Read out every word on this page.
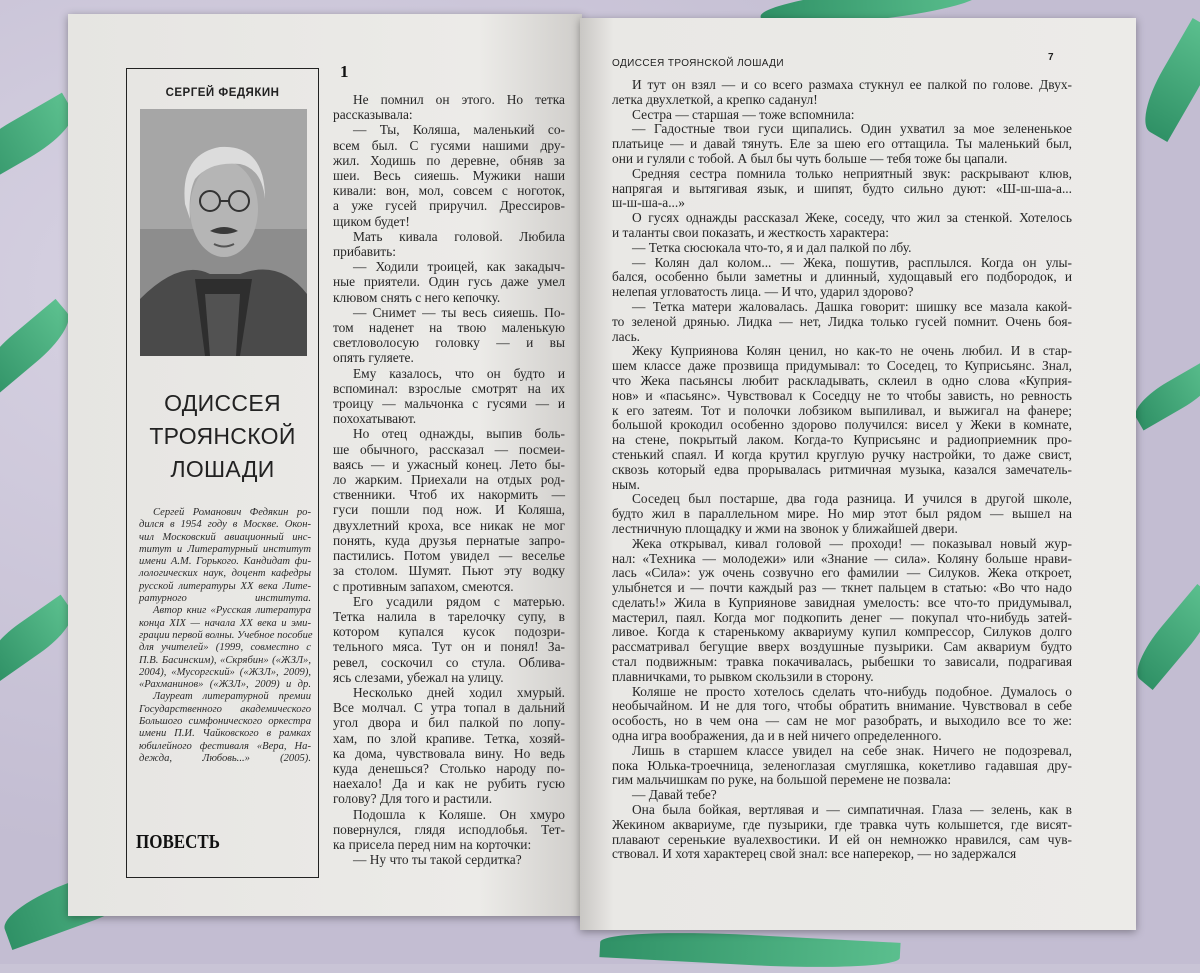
СЕРГЕЙ ФЕДЯКИН
ОДИССЕЯ
ТРОЯНСКОЙ
ЛОШАДИ
Сергей Романович Федякин ро-
дился в 1954 году в Москве. Окон-
чил Московский авиационный инс-
титут и Литературный институт
имени А.М. Горького. Кандидат фи-
лологических наук, доцент кафедры
русской литературы XX века Лите-
ратурного института.
Автор книг «Русская литература
конца XIX — начала XX века и эми-
грации первой волны. Учебное пособие
для учителей» (1999, совместно с
П.В. Басинским), «Скрябин» («ЖЗЛ»,
2004), «Мусоргский» («ЖЗЛ», 2009),
«Рахманинов» («ЖЗЛ», 2009) и др.
Лауреат литературной премии
Государственного академического
Большого симфонического оркестра
имени П.И. Чайковского в рамках
юбилейного фестиваля «Вера, На-
дежда, Любовь...» (2005).
ПОВЕСТЬ
1
Не помнил он этого. Но тетка
рассказывала:
— Ты, Коляша, маленький со-
всем был. С гусями нашими дру-
жил. Ходишь по деревне, обняв за
шеи. Весь сияешь. Мужики наши
кивали: вон, мол, совсем с ноготок,
а уже гусей приручил. Дрессиров-
щиком будет!
Мать кивала головой. Любила
прибавить:
— Ходили троицей, как закадыч-
ные приятели. Один гусь даже умел
клювом снять с него кепочку.
— Снимет — ты весь сияешь. По-
том наденет на твою маленькую
светловолосую головку — и вы
опять гуляете.
Ему казалось, что он будто и
вспоминал: взрослые смотрят на их
троицу — мальчонка с гусями — и
похохатывают.
Но отец однажды, выпив боль-
ше обычного, рассказал — посмеи-
ваясь — и ужасный конец. Лето бы-
ло жарким. Приехали на отдых род-
ственники. Чтоб их накормить —
гуси пошли под нож. И Коляша,
двухлетний кроха, все никак не мог
понять, куда друзья пернатые запро-
пастились. Потом увидел — веселье
за столом. Шумят. Пьют эту водку
с противным запахом, смеются.
Его усадили рядом с матерью.
Тетка налила в тарелочку супу, в
котором купался кусок подозри-
тельного мяса. Тут он и понял! За-
ревел, соскочил со стула. Облива-
ясь слезами, убежал на улицу.
Несколько дней ходил хмурый.
Все молчал. С утра топал в дальний
угол двора и бил палкой по лопу-
хам, по злой крапиве. Тетка, хозяй-
ка дома, чувствовала вину. Но ведь
куда денешься? Столько народу по-
наехало! Да и как не рубить гусю
голову? Для того и растили.
Подошла к Коляше. Он хмуро
повернулся, глядя исподлобья. Тет-
ка присела перед ним на корточки:
— Ну что ты такой сердитка?
ОДИССЕЯ ТРОЯНСКОЙ ЛОШАДИ
7
И тут он взял — и со всего размаха стукнул ее палкой по голове. Двух-
летка двухлеткой, а крепко саданул!
Сестра — старшая — тоже вспомнила:
— Гадостные твои гуси щипались. Один ухватил за мое зелененькое
платьице — и давай тянуть. Еле за шею его оттащила. Ты маленький был,
они и гуляли с тобой. А был бы чуть больше — тебя тоже бы цапали.
Средняя сестра помнила только неприятный звук: раскрывают клюв,
напрягая и вытягивая язык, и шипят, будто сильно дуют: «Ш-ш-ша-а...
ш-ш-ша-а...»
О гусях однажды рассказал Жеке, соседу, что жил за стенкой. Хотелось
и таланты свои показать, и жесткость характера:
— Тетка сюсюкала что-то, я и дал палкой по лбу.
— Колян дал колом... — Жека, пошутив, расплылся. Когда он улы-
бался, особенно были заметны и длинный, худощавый его подбородок, и
нелепая угловатость лица. — И что, ударил здорово?
— Тетка матери жаловалась. Дашка говорит: шишку все мазала какой-
то зеленой дрянью. Лидка — нет, Лидка только гусей помнит. Очень боя-
лась.
Жеку Куприянова Колян ценил, но как-то не очень любил. И в стар-
шем классе даже прозвища придумывал: то Соседец, то Куприсьянс. Знал,
что Жека пасьянсы любит раскладывать, склеил в одно слова «Куприя-
нов» и «пасьянс». Чувствовал к Соседцу не то чтобы зависть, но ревность
к его затеям. Тот и полочки лобзиком выпиливал, и выжигал на фанере;
большой крокодил особенно здорово получился: висел у Жеки в комнате,
на стене, покрытый лаком. Когда-то Куприсьянс и радиоприемник про-
стенький спаял. И когда крутил круглую ручку настройки, то даже свист,
сквозь который едва прорывалась ритмичная музыка, казался замечатель-
ным.
Соседец был постарше, два года разница. И учился в другой школе,
будто жил в параллельном мире. Но мир этот был рядом — вышел на
лестничную площадку и жми на звонок у ближайшей двери.
Жека открывал, кивал головой — проходи! — показывал новый жур-
нал: «Техника — молодежи» или «Знание — сила». Коляну больше нрави-
лась «Сила»: уж очень созвучно его фамилии — Силуков. Жека откроет,
улыбнется и — почти каждый раз — ткнет пальцем в статью: «Во что надо
сделать!» Жила в Куприянове завидная умелость: все что-то придумывал,
мастерил, паял. Когда мог подкопить денег — покупал что-нибудь затей-
ливое. Когда к старенькому аквариуму купил компрессор, Силуков долго
рассматривал бегущие вверх воздушные пузырики. Сам аквариум будто
стал подвижным: травка покачивалась, рыбешки то зависали, подрагивая
плавничками, то рывком скользили в сторону.
Коляше не просто хотелось сделать что-нибудь подобное. Думалось о
необычайном. И не для того, чтобы обратить внимание. Чувствовал в себе
особость, но в чем она — сам не мог разобрать, и выходило все то же:
одна игра воображения, да и в ней ничего определенного.
Лишь в старшем классе увидел на себе знак. Ничего не подозревал,
пока Юлька-троечница, зеленоглазая смугляшка, кокетливо гадавшая дру-
гим мальчишкам по руке, на большой перемене не позвала:
— Давай тебе?
Она была бойкая, вертлявая и — симпатичная. Глаза — зелень, как в
Жекином аквариуме, где пузырики, где травка чуть колышется, где висят-
плавают серенькие вуалехвостики. И ей он немножко нравился, сам чув-
ствовал. И хотя характерец свой знал: все наперекор, — но задержался
